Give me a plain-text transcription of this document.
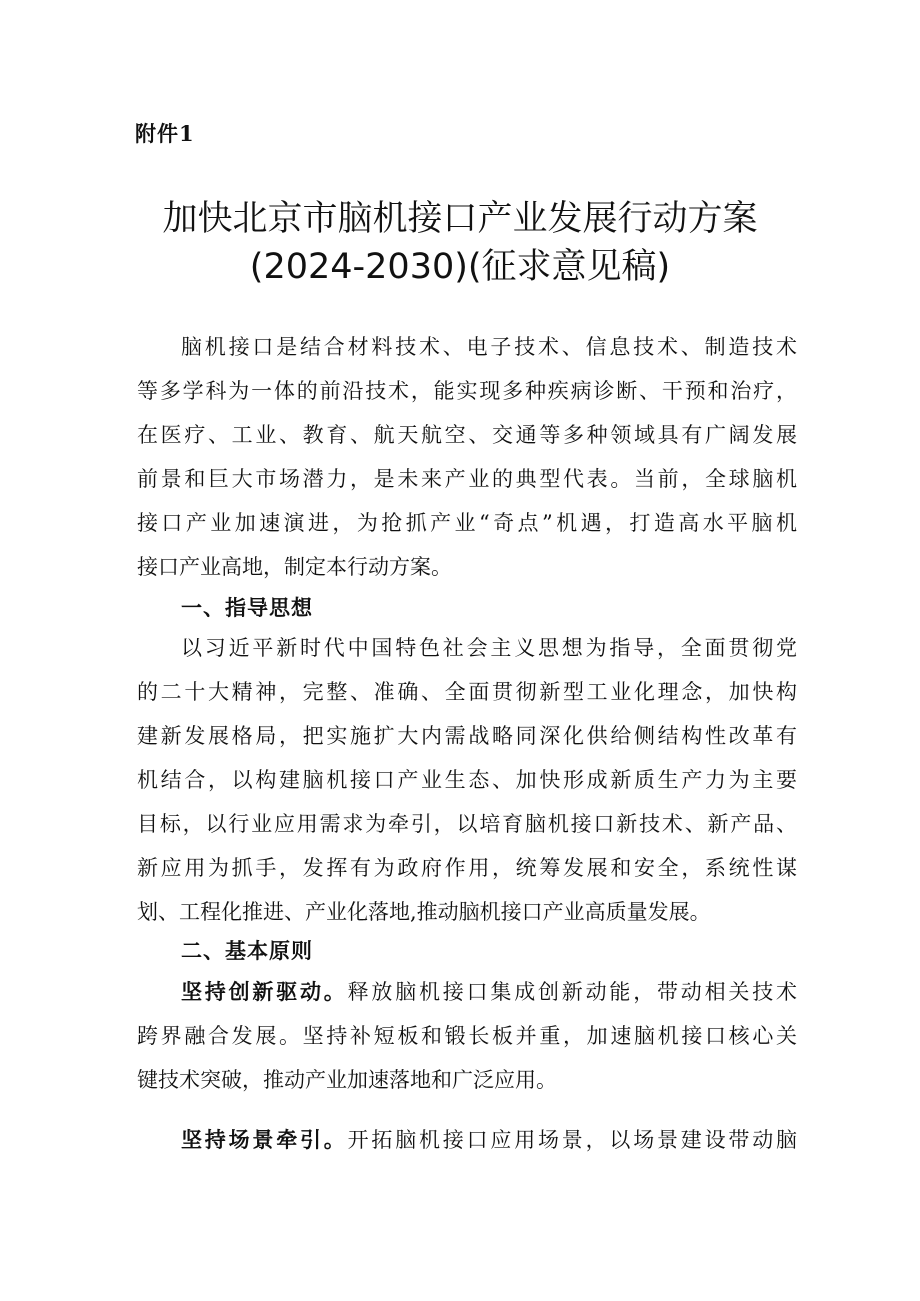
附件1
加快北京市脑机接口产业发展行动方案
(2024-2030)(征求意见稿)
脑机接口是结合材料技术、电子技术、信息技术、制造技术
等多学科为一体的前沿技术，能实现多种疾病诊断、干预和治疗，
在医疗、工业、教育、航天航空、交通等多种领域具有广阔发展
前景和巨大市场潜力，是未来产业的典型代表。当前，全球脑机
接口产业加速演进，为抢抓产业“奇点”机遇，打造高水平脑机
接口产业高地，制定本行动方案。
一、指导思想
以习近平新时代中国特色社会主义思想为指导，全面贯彻党
的二十大精神，完整、准确、全面贯彻新型工业化理念，加快构
建新发展格局，把实施扩大内需战略同深化供给侧结构性改革有
机结合，以构建脑机接口产业生态、加快形成新质生产力为主要
目标，以行业应用需求为牵引，以培育脑机接口新技术、新产品、
新应用为抓手，发挥有为政府作用，统筹发展和安全，系统性谋
划、工程化推进、产业化落地,推动脑机接口产业高质量发展。
二、基本原则
坚持创新驱动。释放脑机接口集成创新动能，带动相关技术
跨界融合发展。坚持补短板和锻长板并重，加速脑机接口核心关
键技术突破，推动产业加速落地和广泛应用。
坚持场景牵引。开拓脑机接口应用场景，以场景建设带动脑
